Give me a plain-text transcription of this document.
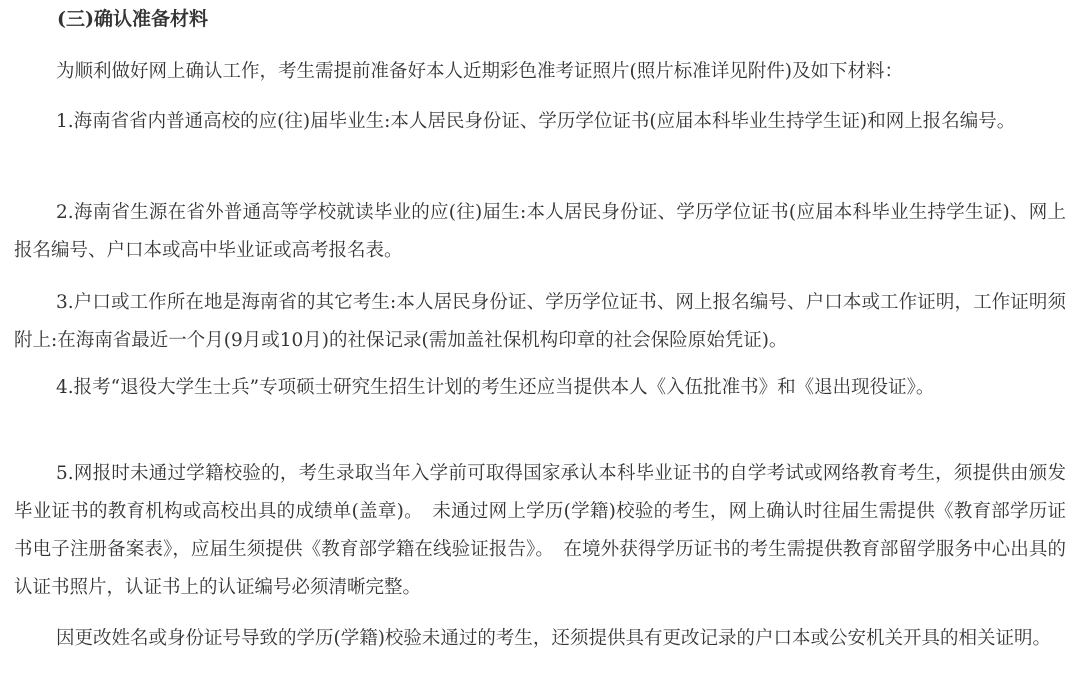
(三)确认准备材料

为顺利做好网上确认工作，考生需提前准备好本人近期彩色准考证照片(照片标准详见附件)及如下材料：

1.海南省省内普通高校的应(往)届毕业生:本人居民身份证、学历学位证书(应届本科毕业生持学生证)和网上报名编号。

2.海南省生源在省外普通高等学校就读毕业的应(往)届生:本人居民身份证、学历学位证书(应届本科毕业生持学生证)、网上报名编号、户口本或高中毕业证或高考报名表。

3.户口或工作所在地是海南省的其它考生:本人居民身份证、学历学位证书、网上报名编号、户口本或工作证明，工作证明须附上:在海南省最近一个月(9月或10月)的社保记录(需加盖社保机构印章的社会保险原始凭证)。

4.报考“退役大学生士兵”专项硕士研究生招生计划的考生还应当提供本人《入伍批准书》和《退出现役证》。

5.网报时未通过学籍校验的，考生录取当年入学前可取得国家承认本科毕业证书的自学考试或网络教育考生，须提供由颁发毕业证书的教育机构或高校出具的成绩单(盖章)。　未通过网上学历(学籍)校验的考生，网上确认时往届生需提供《教育部学历证书电子注册备案表》，应届生须提供《教育部学籍在线验证报告》。　在境外获得学历证书的考生需提供教育部留学服务中心出具的认证书照片，认证书上的认证编号必须清晰完整。

因更改姓名或身份证号导致的学历(学籍)校验未通过的考生，还须提供具有更改记录的户口本或公安机关开具的相关证明。
